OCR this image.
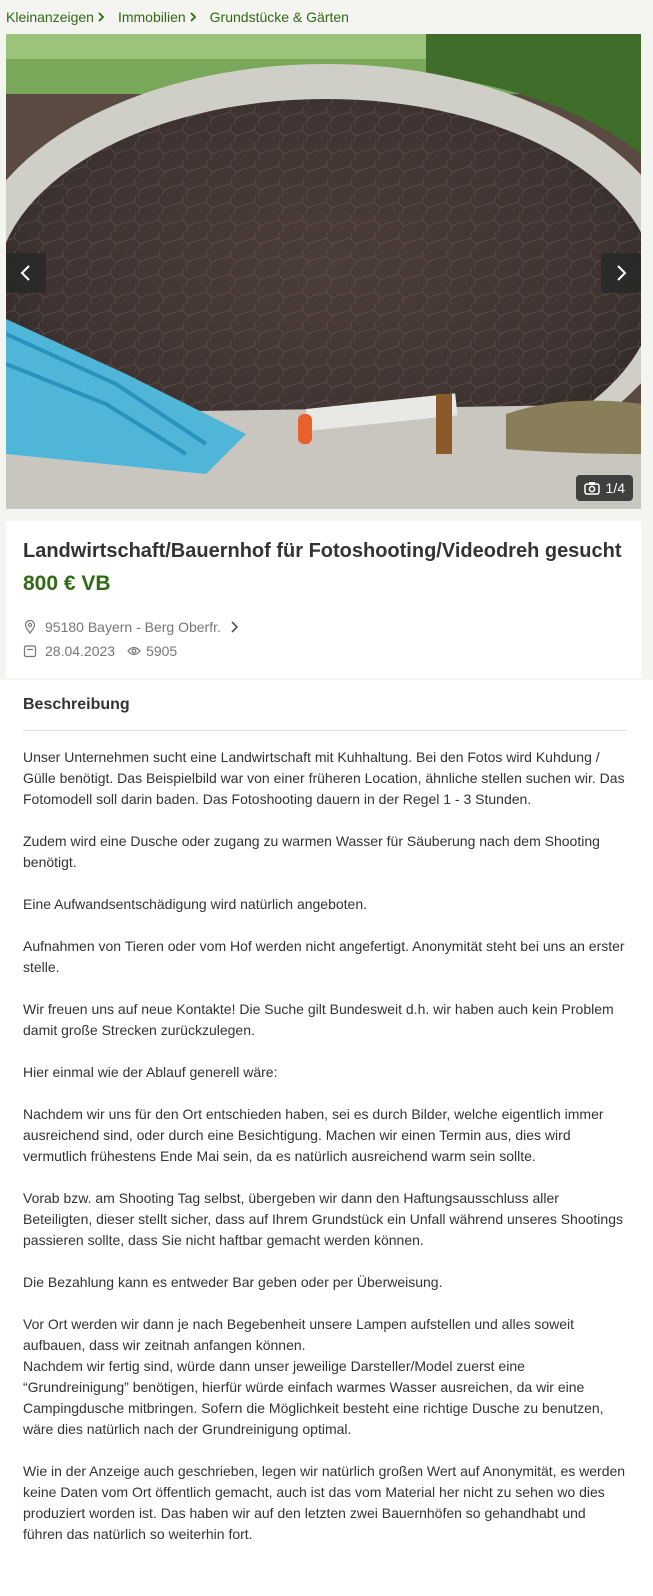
Kleinanzeigen Immobilien Grundstücke & Gärten
1/4
Landwirtschaft/Bauernhof für Fotoshooting/Videodreh gesucht
800 € VB
95180 Bayern - Berg Oberfr.
28.04.2023 5905
Beschreibung

Unser Unternehmen sucht eine Landwirtschaft mit Kuhhaltung. Bei den Fotos wird Kuhdung / Gülle benötigt. Das Beispielbild war von einer früheren Location, ähnliche stellen suchen wir. Das Fotomodell soll darin baden. Das Fotoshooting dauern in der Regel 1 - 3 Stunden.

Zudem wird eine Dusche oder zugang zu warmen Wasser für Säuberung nach dem Shooting benötigt.

Eine Aufwandsentschädigung wird natürlich angeboten.

Aufnahmen von Tieren oder vom Hof werden nicht angefertigt. Anonymität steht bei uns an erster stelle.

Wir freuen uns auf neue Kontakte! Die Suche gilt Bundesweit d.h. wir haben auch kein Problem damit große Strecken zurückzulegen.

Hier einmal wie der Ablauf generell wäre:

Nachdem wir uns für den Ort entschieden haben, sei es durch Bilder, welche eigentlich immer ausreichend sind, oder durch eine Besichtigung. Machen wir einen Termin aus, dies wird vermutlich frühestens Ende Mai sein, da es natürlich ausreichend warm sein sollte.

Vorab bzw. am Shooting Tag selbst, übergeben wir dann den Haftungsausschluss aller Beteiligten, dieser stellt sicher, dass auf Ihrem Grundstück ein Unfall während unseres Shootings passieren sollte, dass Sie nicht haftbar gemacht werden können.

Die Bezahlung kann es entweder Bar geben oder per Überweisung.

Vor Ort werden wir dann je nach Begebenheit unsere Lampen aufstellen und alles soweit aufbauen, dass wir zeitnah anfangen können.
Nachdem wir fertig sind, würde dann unser jeweilige Darsteller/Model zuerst eine “Grundreinigung” benötigen, hierfür würde einfach warmes Wasser ausreichen, da wir eine Campingdusche mitbringen. Sofern die Möglichkeit besteht eine richtige Dusche zu benutzen, wäre dies natürlich nach der Grundreinigung optimal.

Wie in der Anzeige auch geschrieben, legen wir natürlich großen Wert auf Anonymität, es werden keine Daten vom Ort öffentlich gemacht, auch ist das vom Material her nicht zu sehen wo dies produziert worden ist. Das haben wir auf den letzten zwei Bauernhöfen so gehandhabt und führen das natürlich so weiterhin fort.
